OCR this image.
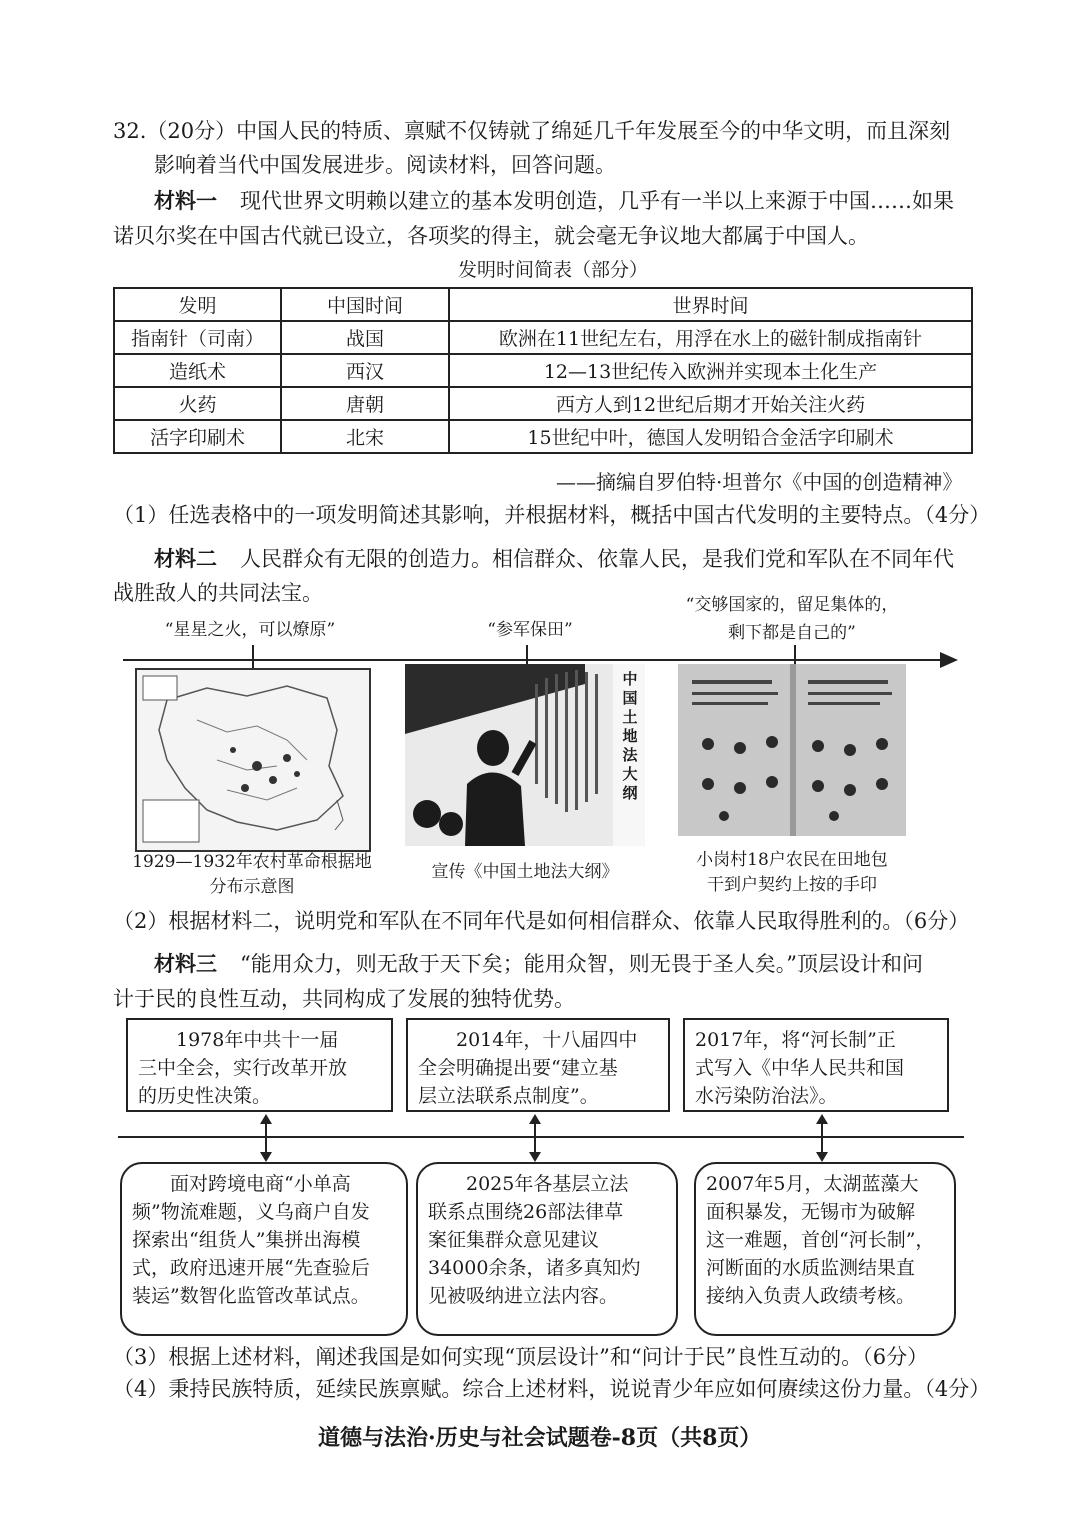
32.（20分）中国人民的特质、禀赋不仅铸就了绵延几千年发展至今的中华文明，而且深刻
影响着当代中国发展进步。阅读材料，回答问题。
材料一 现代世界文明赖以建立的基本发明创造，几乎有一半以上来源于中国……如果
诺贝尔奖在中国古代就已设立，各项奖的得主，就会毫无争议地大都属于中国人。
发明时间简表（部分）
发明	中国时间	世界时间
指南针（司南）	战国	欧洲在11世纪左右，用浮在水上的磁针制成指南针
造纸术	西汉	12—13世纪传入欧洲并实现本土化生产
火药	唐朝	西方人到12世纪后期才开始关注火药
活字印刷术	北宋	15世纪中叶，德国人发明铅合金活字印刷术
——摘编自罗伯特·坦普尔《中国的创造精神》
（1）任选表格中的一项发明简述其影响，并根据材料，概括中国古代发明的主要特点。（4分）
材料二 人民群众有无限的创造力。相信群众、依靠人民，是我们党和军队在不同年代
战胜敌人的共同法宝。	“交够国家的，留足集体的，
“星星之火，可以燎原”	“参军保田”	剩下都是自己的”
中国土地法大纲
1929—1932年农村革命根据地
分布示意图
宣传《中国土地法大纲》
小岗村18户农民在田地包
干到户契约上按的手印
（2）根据材料二，说明党和军队在不同年代是如何相信群众、依靠人民取得胜利的。（6分）
材料三 “能用众力，则无敌于天下矣；能用众智，则无畏于圣人矣。”顶层设计和问
计于民的良性互动，共同构成了发展的独特优势。
　　1978年中共十一届
三中全会，实行改革开放
的历史性决策。
　　2014年，十八届四中
全会明确提出要“建立基
层立法联系点制度”。
2017年，将“河长制”正
式写入《中华人民共和国
水污染防治法》。
　　面对跨境电商“小单高
频”物流难题，义乌商户自发
探索出“组货人”集拼出海模
式，政府迅速开展“先查验后
装运”数智化监管改革试点。
　　2025年各基层立法
联系点围绕26部法律草
案征集群众意见建议
34000余条，诸多真知灼
见被吸纳进立法内容。
2007年5月，太湖蓝藻大
面积暴发，无锡市为破解
这一难题，首创“河长制”，
河断面的水质监测结果直
接纳入负责人政绩考核。
（3）根据上述材料，阐述我国是如何实现“顶层设计”和“问计于民”良性互动的。（6分）
（4）秉持民族特质，延续民族禀赋。综合上述材料，说说青少年应如何赓续这份力量。（4分）
道德与法治·历史与社会试题卷-8页（共8页）
